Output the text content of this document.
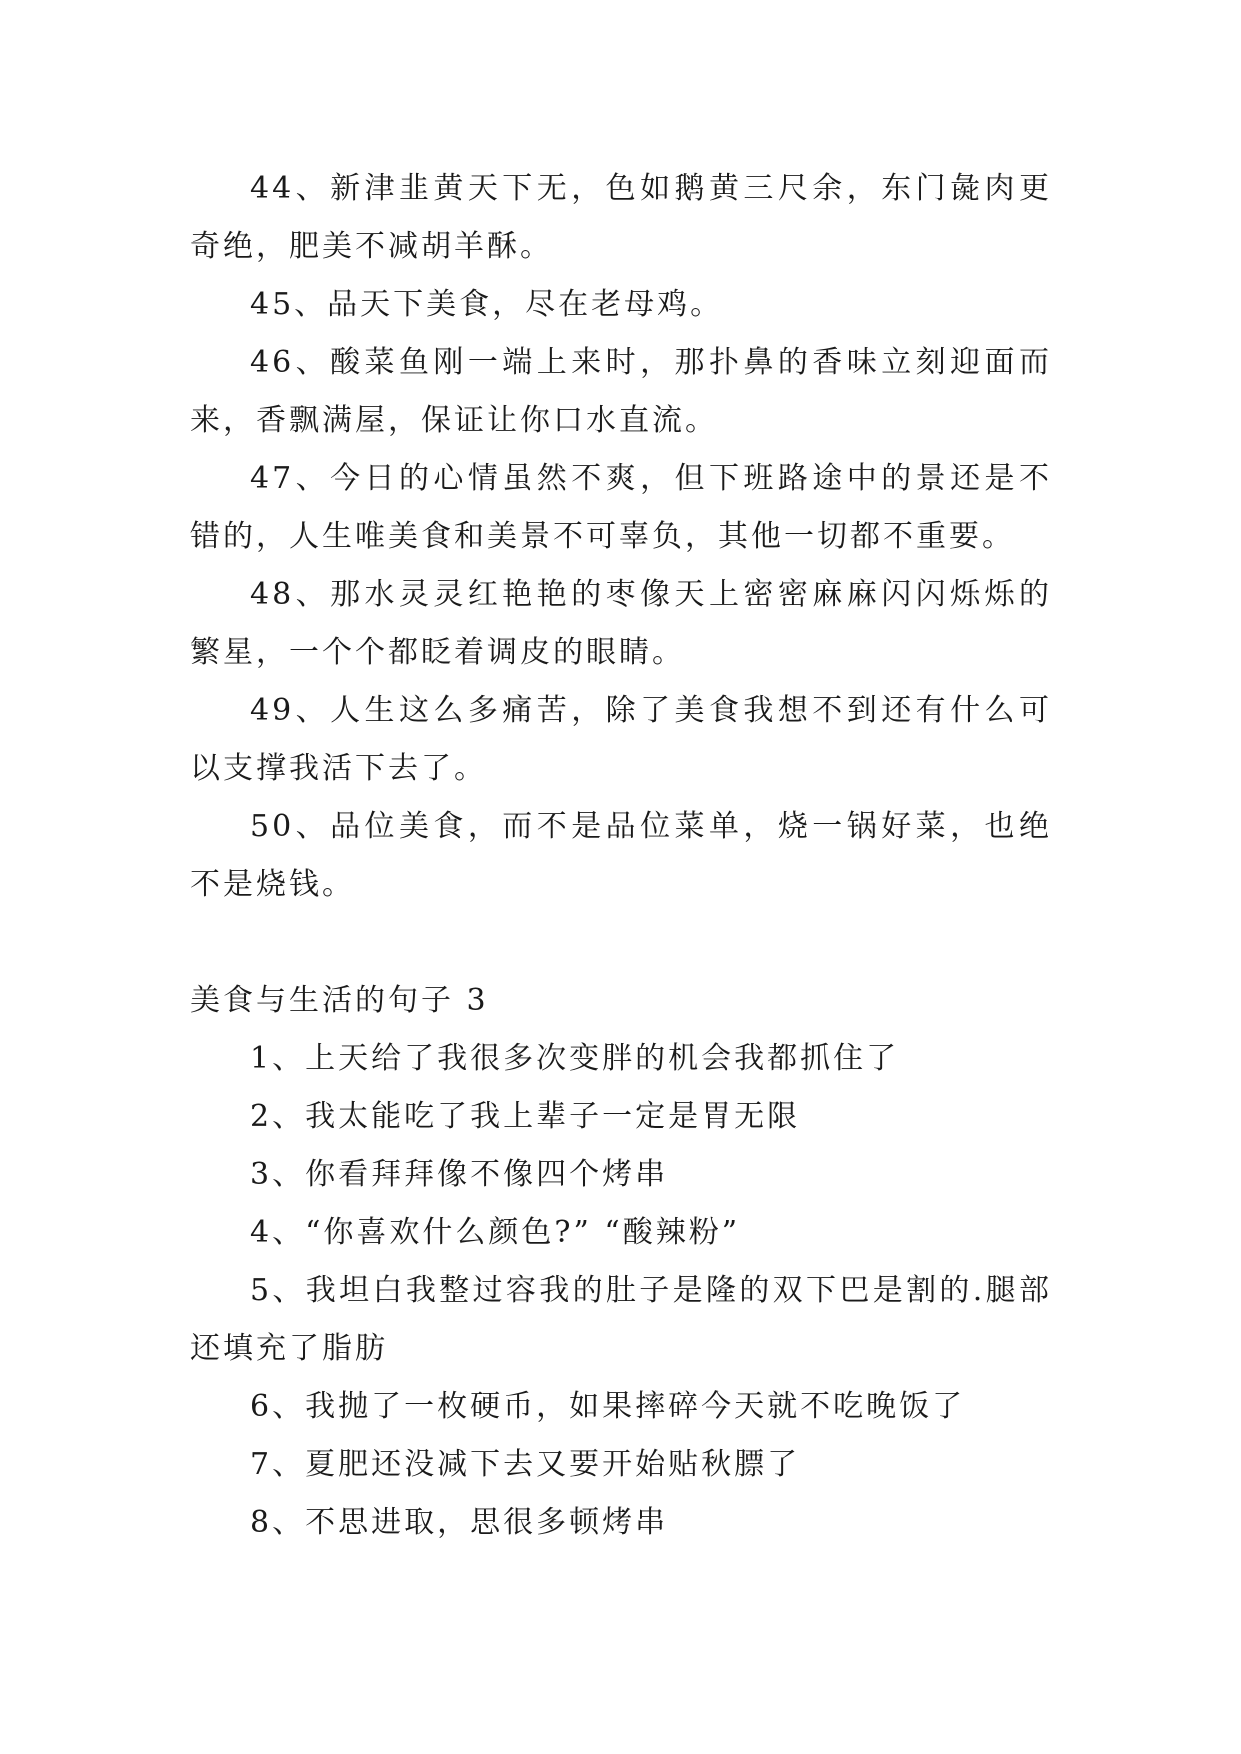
44、新津韭黄天下无，色如鹅黄三尺余，东门彘肉更奇绝，肥美不减胡羊酥。

45、品天下美食，尽在老母鸡。

46、酸菜鱼刚一端上来时，那扑鼻的香味立刻迎面而来，香飘满屋，保证让你口水直流。

47、今日的心情虽然不爽，但下班路途中的景还是不错的，人生唯美食和美景不可辜负，其他一切都不重要。

48、那水灵灵红艳艳的枣像天上密密麻麻闪闪烁烁的繁星，一个个都眨着调皮的眼睛。

49、人生这么多痛苦，除了美食我想不到还有什么可以支撑我活下去了。

50、品位美食，而不是品位菜单，烧一锅好菜，也绝不是烧钱。

美食与生活的句子 3

1、上天给了我很多次变胖的机会我都抓住了

2、我太能吃了我上辈子一定是胃无限

3、你看拜拜像不像四个烤串

4、“你喜欢什么颜色?” “酸辣粉”

5、我坦白我整过容我的肚子是隆的双下巴是割的.腿部还填充了脂肪

6、我抛了一枚硬币，如果摔碎今天就不吃晚饭了

7、夏肥还没减下去又要开始贴秋膘了

8、不思进取，思很多顿烤串
